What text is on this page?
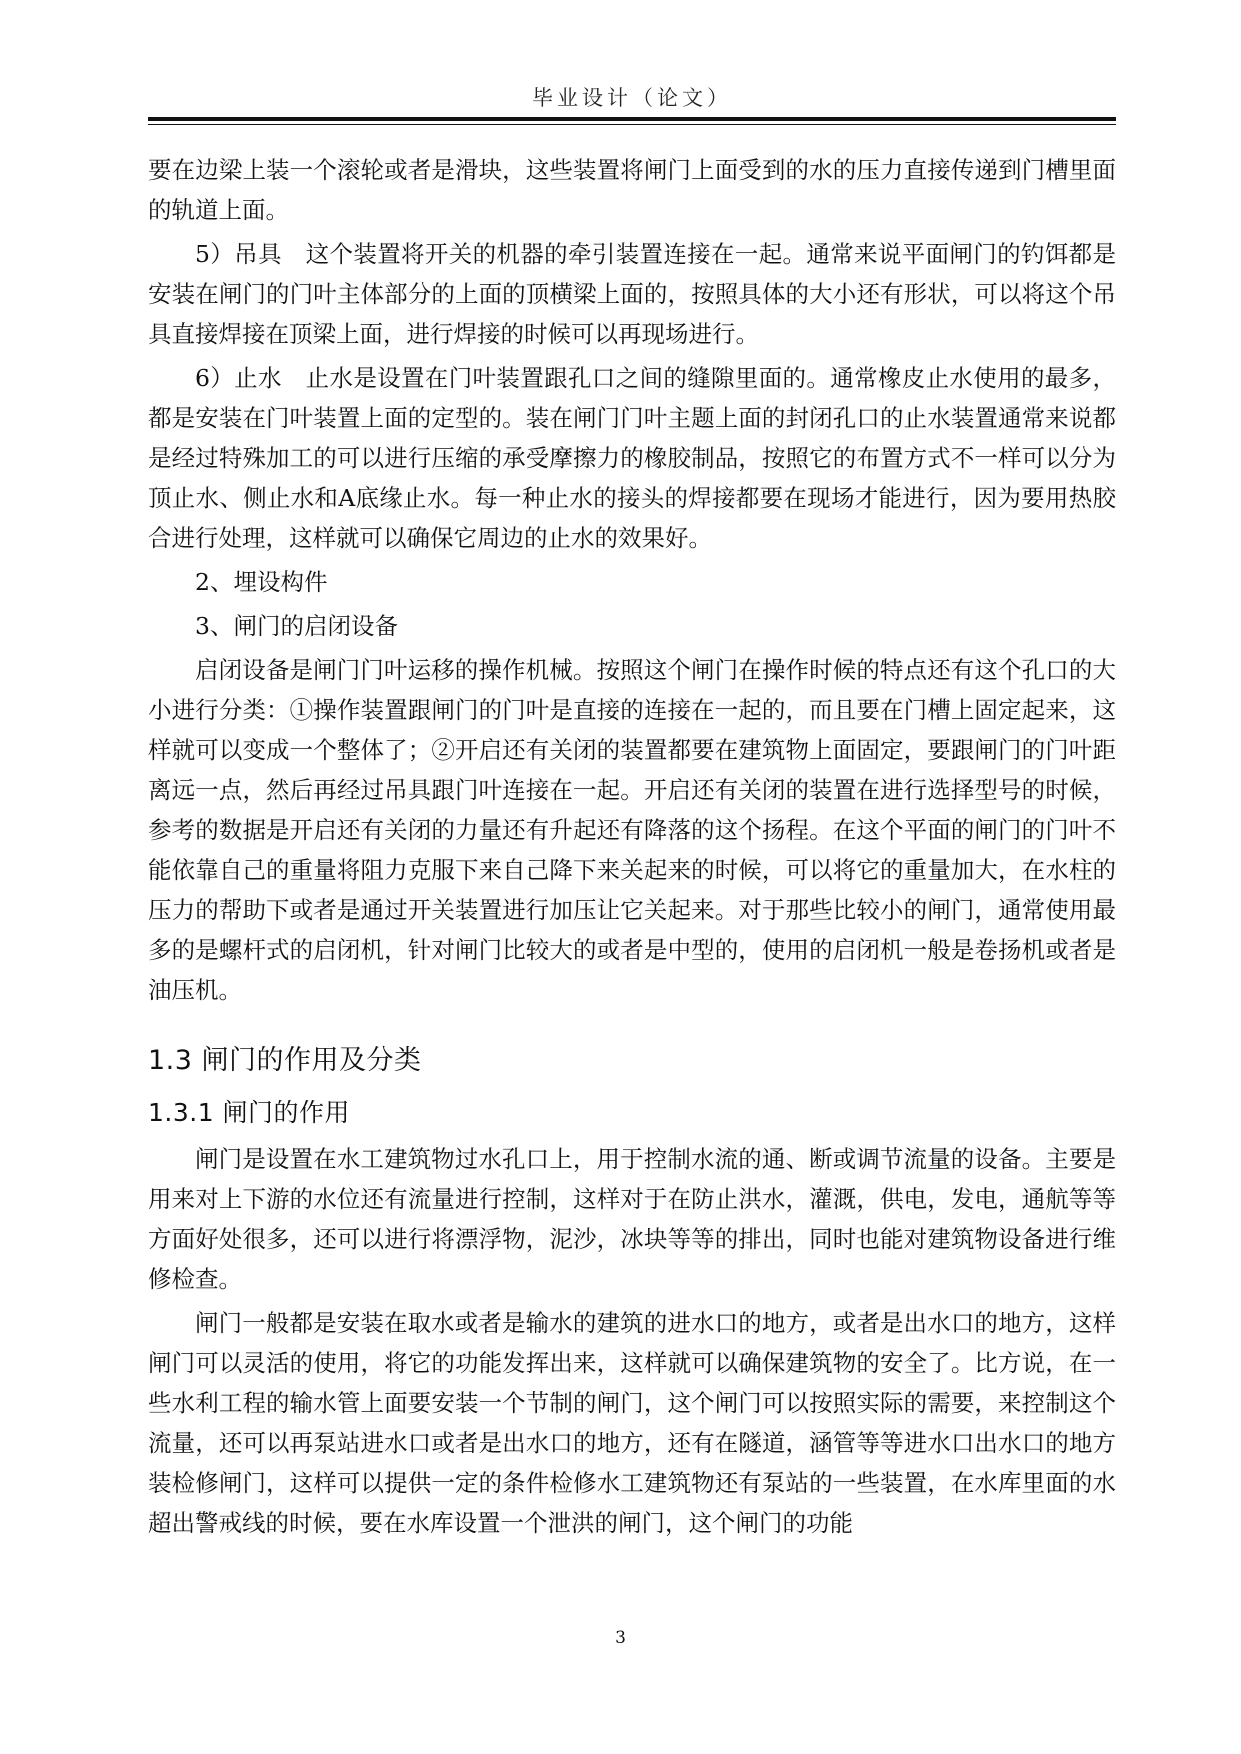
毕业设计（论文）

要在边梁上装一个滚轮或者是滑块，这些装置将闸门上面受到的水的压力直接传递到门槽里面的轨道上面。

5）吊具　这个装置将开关的机器的牵引装置连接在一起。通常来说平面闸门的钓饵都是安装在闸门的门叶主体部分的上面的顶横梁上面的，按照具体的大小还有形状，可以将这个吊具直接焊接在顶梁上面，进行焊接的时候可以再现场进行。

6）止水　止水是设置在门叶装置跟孔口之间的缝隙里面的。通常橡皮止水使用的最多，都是安装在门叶装置上面的定型的。装在闸门门叶主题上面的封闭孔口的止水装置通常来说都是经过特殊加工的可以进行压缩的承受摩擦力的橡胶制品，按照它的布置方式不一样可以分为顶止水、侧止水和A底缘止水。每一种止水的接头的焊接都要在现场才能进行，因为要用热胶合进行处理，这样就可以确保它周边的止水的效果好。

2、埋设构件

3、闸门的启闭设备

启闭设备是闸门门叶运移的操作机械。按照这个闸门在操作时候的特点还有这个孔口的大小进行分类：①操作装置跟闸门的门叶是直接的连接在一起的，而且要在门槽上固定起来，这样就可以变成一个整体了；②开启还有关闭的装置都要在建筑物上面固定，要跟闸门的门叶距离远一点，然后再经过吊具跟门叶连接在一起。开启还有关闭的装置在进行选择型号的时候，参考的数据是开启还有关闭的力量还有升起还有降落的这个扬程。在这个平面的闸门的门叶不能依靠自己的重量将阻力克服下来自己降下来关起来的时候，可以将它的重量加大，在水柱的压力的帮助下或者是通过开关装置进行加压让它关起来。对于那些比较小的闸门，通常使用最多的是螺杆式的启闭机，针对闸门比较大的或者是中型的，使用的启闭机一般是卷扬机或者是油压机。

1.3 闸门的作用及分类
1.3.1 闸门的作用

闸门是设置在水工建筑物过水孔口上，用于控制水流的通、断或调节流量的设备。主要是用来对上下游的水位还有流量进行控制，这样对于在防止洪水，灌溉，供电，发电，通航等等方面好处很多，还可以进行将漂浮物，泥沙，冰块等等的排出，同时也能对建筑物设备进行维修检查。

闸门一般都是安装在取水或者是输水的建筑的进水口的地方，或者是出水口的地方，这样闸门可以灵活的使用，将它的功能发挥出来，这样就可以确保建筑物的安全了。比方说，在一些水利工程的输水管上面要安装一个节制的闸门，这个闸门可以按照实际的需要，来控制这个流量，还可以再泵站进水口或者是出水口的地方，还有在隧道，涵管等等进水口出水口的地方装检修闸门，这样可以提供一定的条件检修水工建筑物还有泵站的一些装置，在水库里面的水超出警戒线的时候，要在水库设置一个泄洪的闸门，这个闸门的功能

3
